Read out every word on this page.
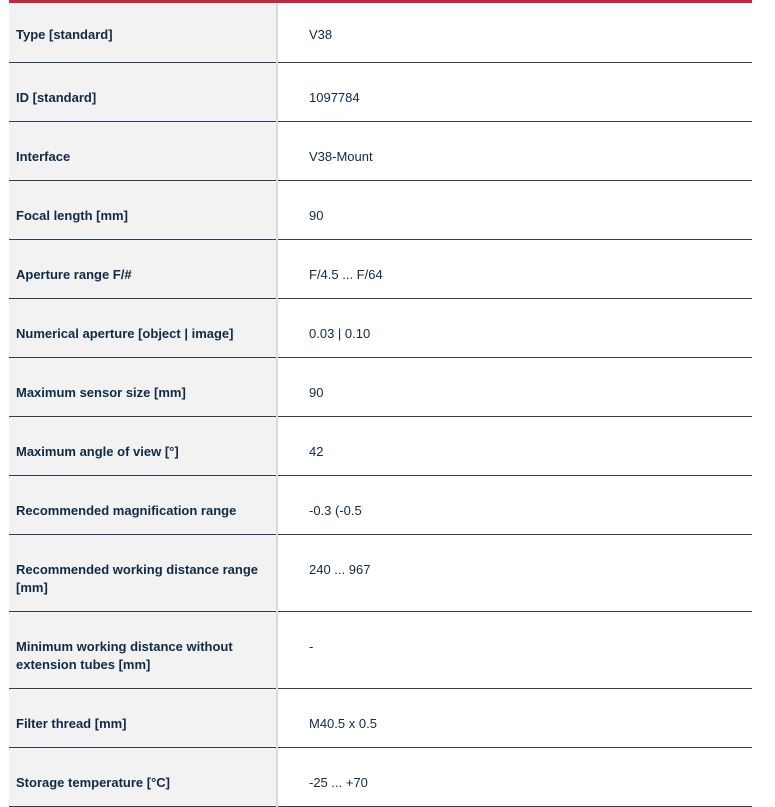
Type [standard]	V38

ID [standard]	1097784

Interface	V38-Mount

Focal length [mm]	90

Aperture range F/#	F/4.5 ... F/64

Numerical aperture [object | image]	0.03 | 0.10

Maximum sensor size [mm]	90

Maximum angle of view [°]	42

Recommended magnification range	-0.3 (-0.5

Recommended working distance range [mm]	240 ... 967

Minimum working distance without extension tubes [mm]	-

Filter thread [mm]	M40.5 x 0.5

Storage temperature [°C]	-25 ... +70
